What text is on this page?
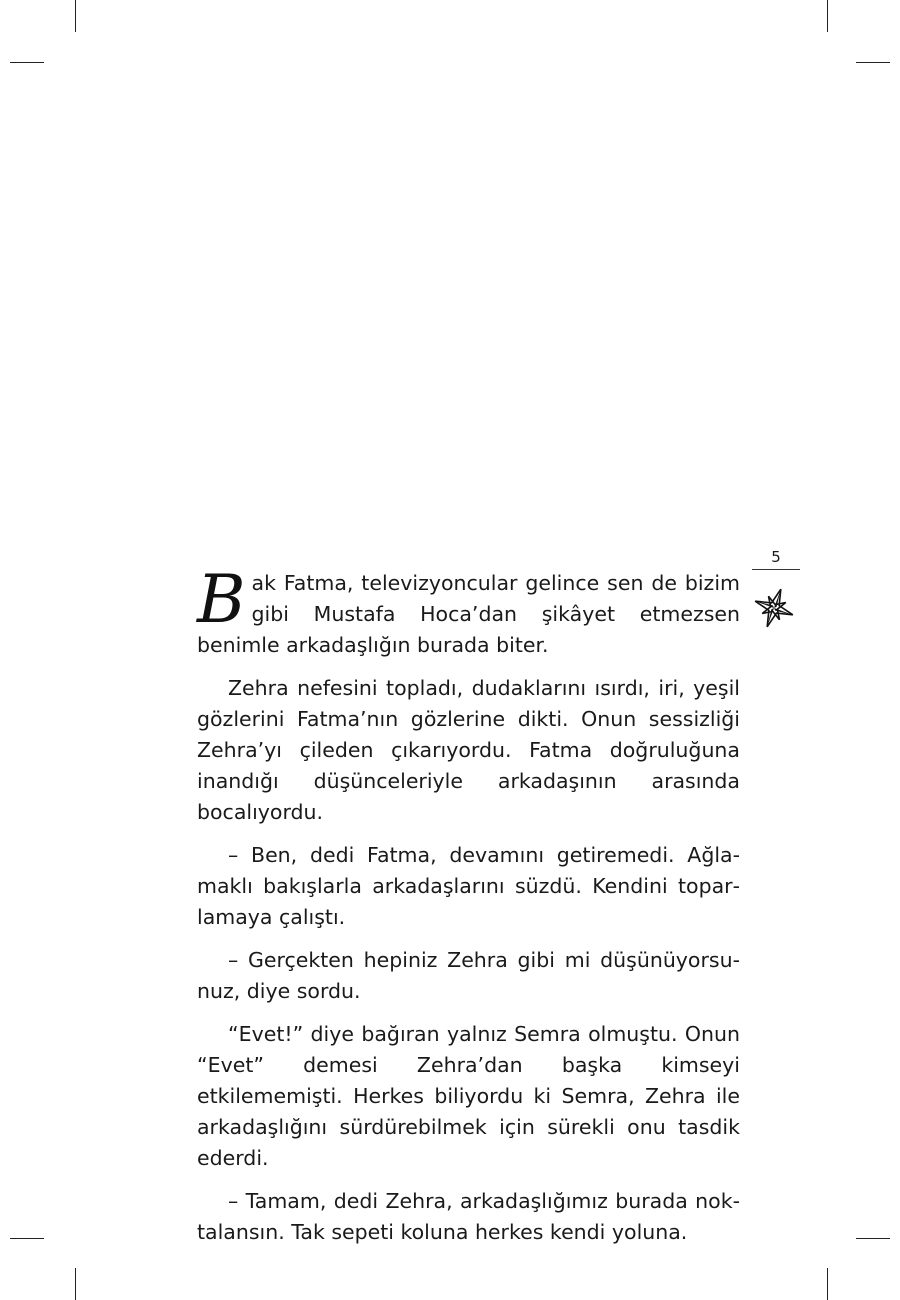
5

Bak Fatma, televizyoncular gelince sen de bizim gibi Mustafa Hoca’dan şikâyet etmezsen benimle arkadaşlığın burada biter.

Zehra nefesini topladı, dudaklarını ısırdı, iri, yeşil gözlerini Fatma’nın gözlerine dikti. Onun sessizliği Zehra’yı çileden çıkarıyordu. Fatma doğruluğuna inandığı düşünceleriyle arkadaşının arasında bocalıyordu.

– Ben, dedi Fatma, devamını getiremedi. Ağlamaklı bakışlarla arkadaşlarını süzdü. Kendini toparlamaya çalıştı.

– Gerçekten hepiniz Zehra gibi mi düşünüyorsunuz, diye sordu.

“Evet!” diye bağıran yalnız Semra olmuştu. Onun “Evet” demesi Zehra’dan başka kimseyi etkilememişti. Herkes biliyordu ki Semra, Zehra ile arkadaşlığını sürdürebilmek için sürekli onu tasdik ederdi.

– Tamam, dedi Zehra, arkadaşlığımız burada noktalansın. Tak sepeti koluna herkes kendi yoluna.
